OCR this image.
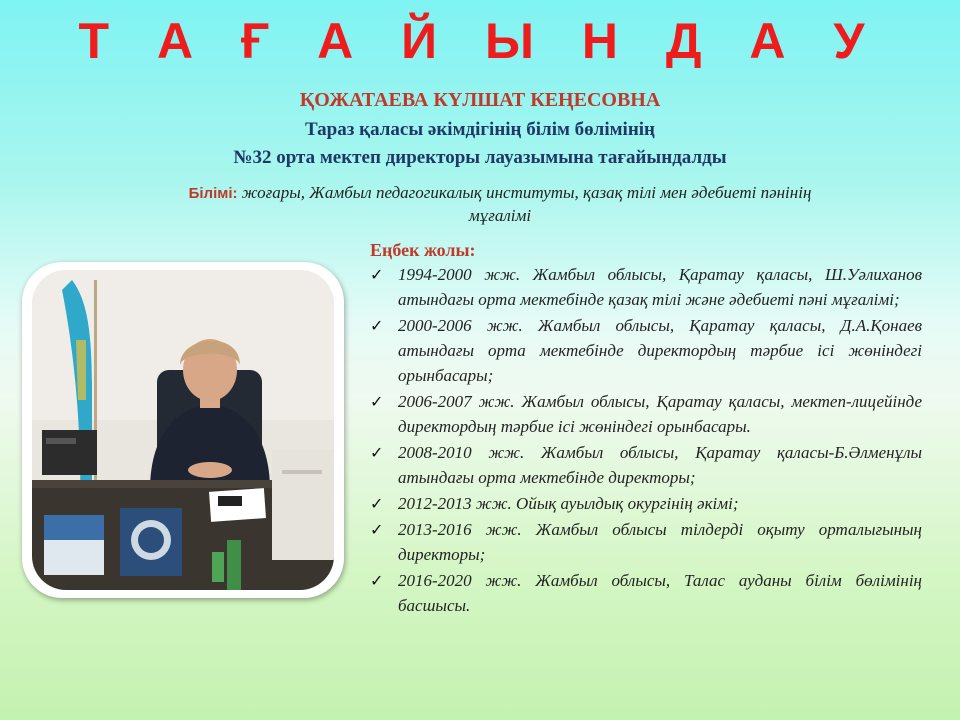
Т А Ғ А Й Ы Н Д А У
ҚОЖАТАЕВА КҮЛШАТ КЕҢЕСОВНА
Тараз қаласы әкімдігінің білім бөлімінің
№32 орта мектеп директоры лауазымына тағайындалды
Білімі: жоғары, Жамбыл педагогикалық институты, қазақ тілі мен әдебиеті пәнінің мұғалімі
Еңбек жолы:
✓ 1994-2000 жж. Жамбыл облысы, Қаратау қаласы, Ш.Уәлиханов атындағы орта мектебінде қазақ тілі және әдебиеті пәні мұғалімі;
✓ 2000-2006 жж. Жамбыл облысы, Қаратау қаласы, Д.А.Қонаев атындағы орта мектебінде директордың тәрбие ісі жөніндегі орынбасары;
✓ 2006-2007 жж. Жамбыл облысы, Қаратау қаласы, мектеп-лицейінде директордың тәрбие ісі жөніндегі орынбасары.
✓ 2008-2010 жж. Жамбыл облысы, Қаратау қаласы-Б.Әлменұлы атындағы орта мектебінде директоры;
✓ 2012-2013 жж. Ойық ауылдық окургінің әкімі;
✓ 2013-2016 жж. Жамбыл облысы тілдерді оқыту орталығының директоры;
✓ 2016-2020 жж. Жамбыл облысы, Талас ауданы білім бөлімінің басшысы.
